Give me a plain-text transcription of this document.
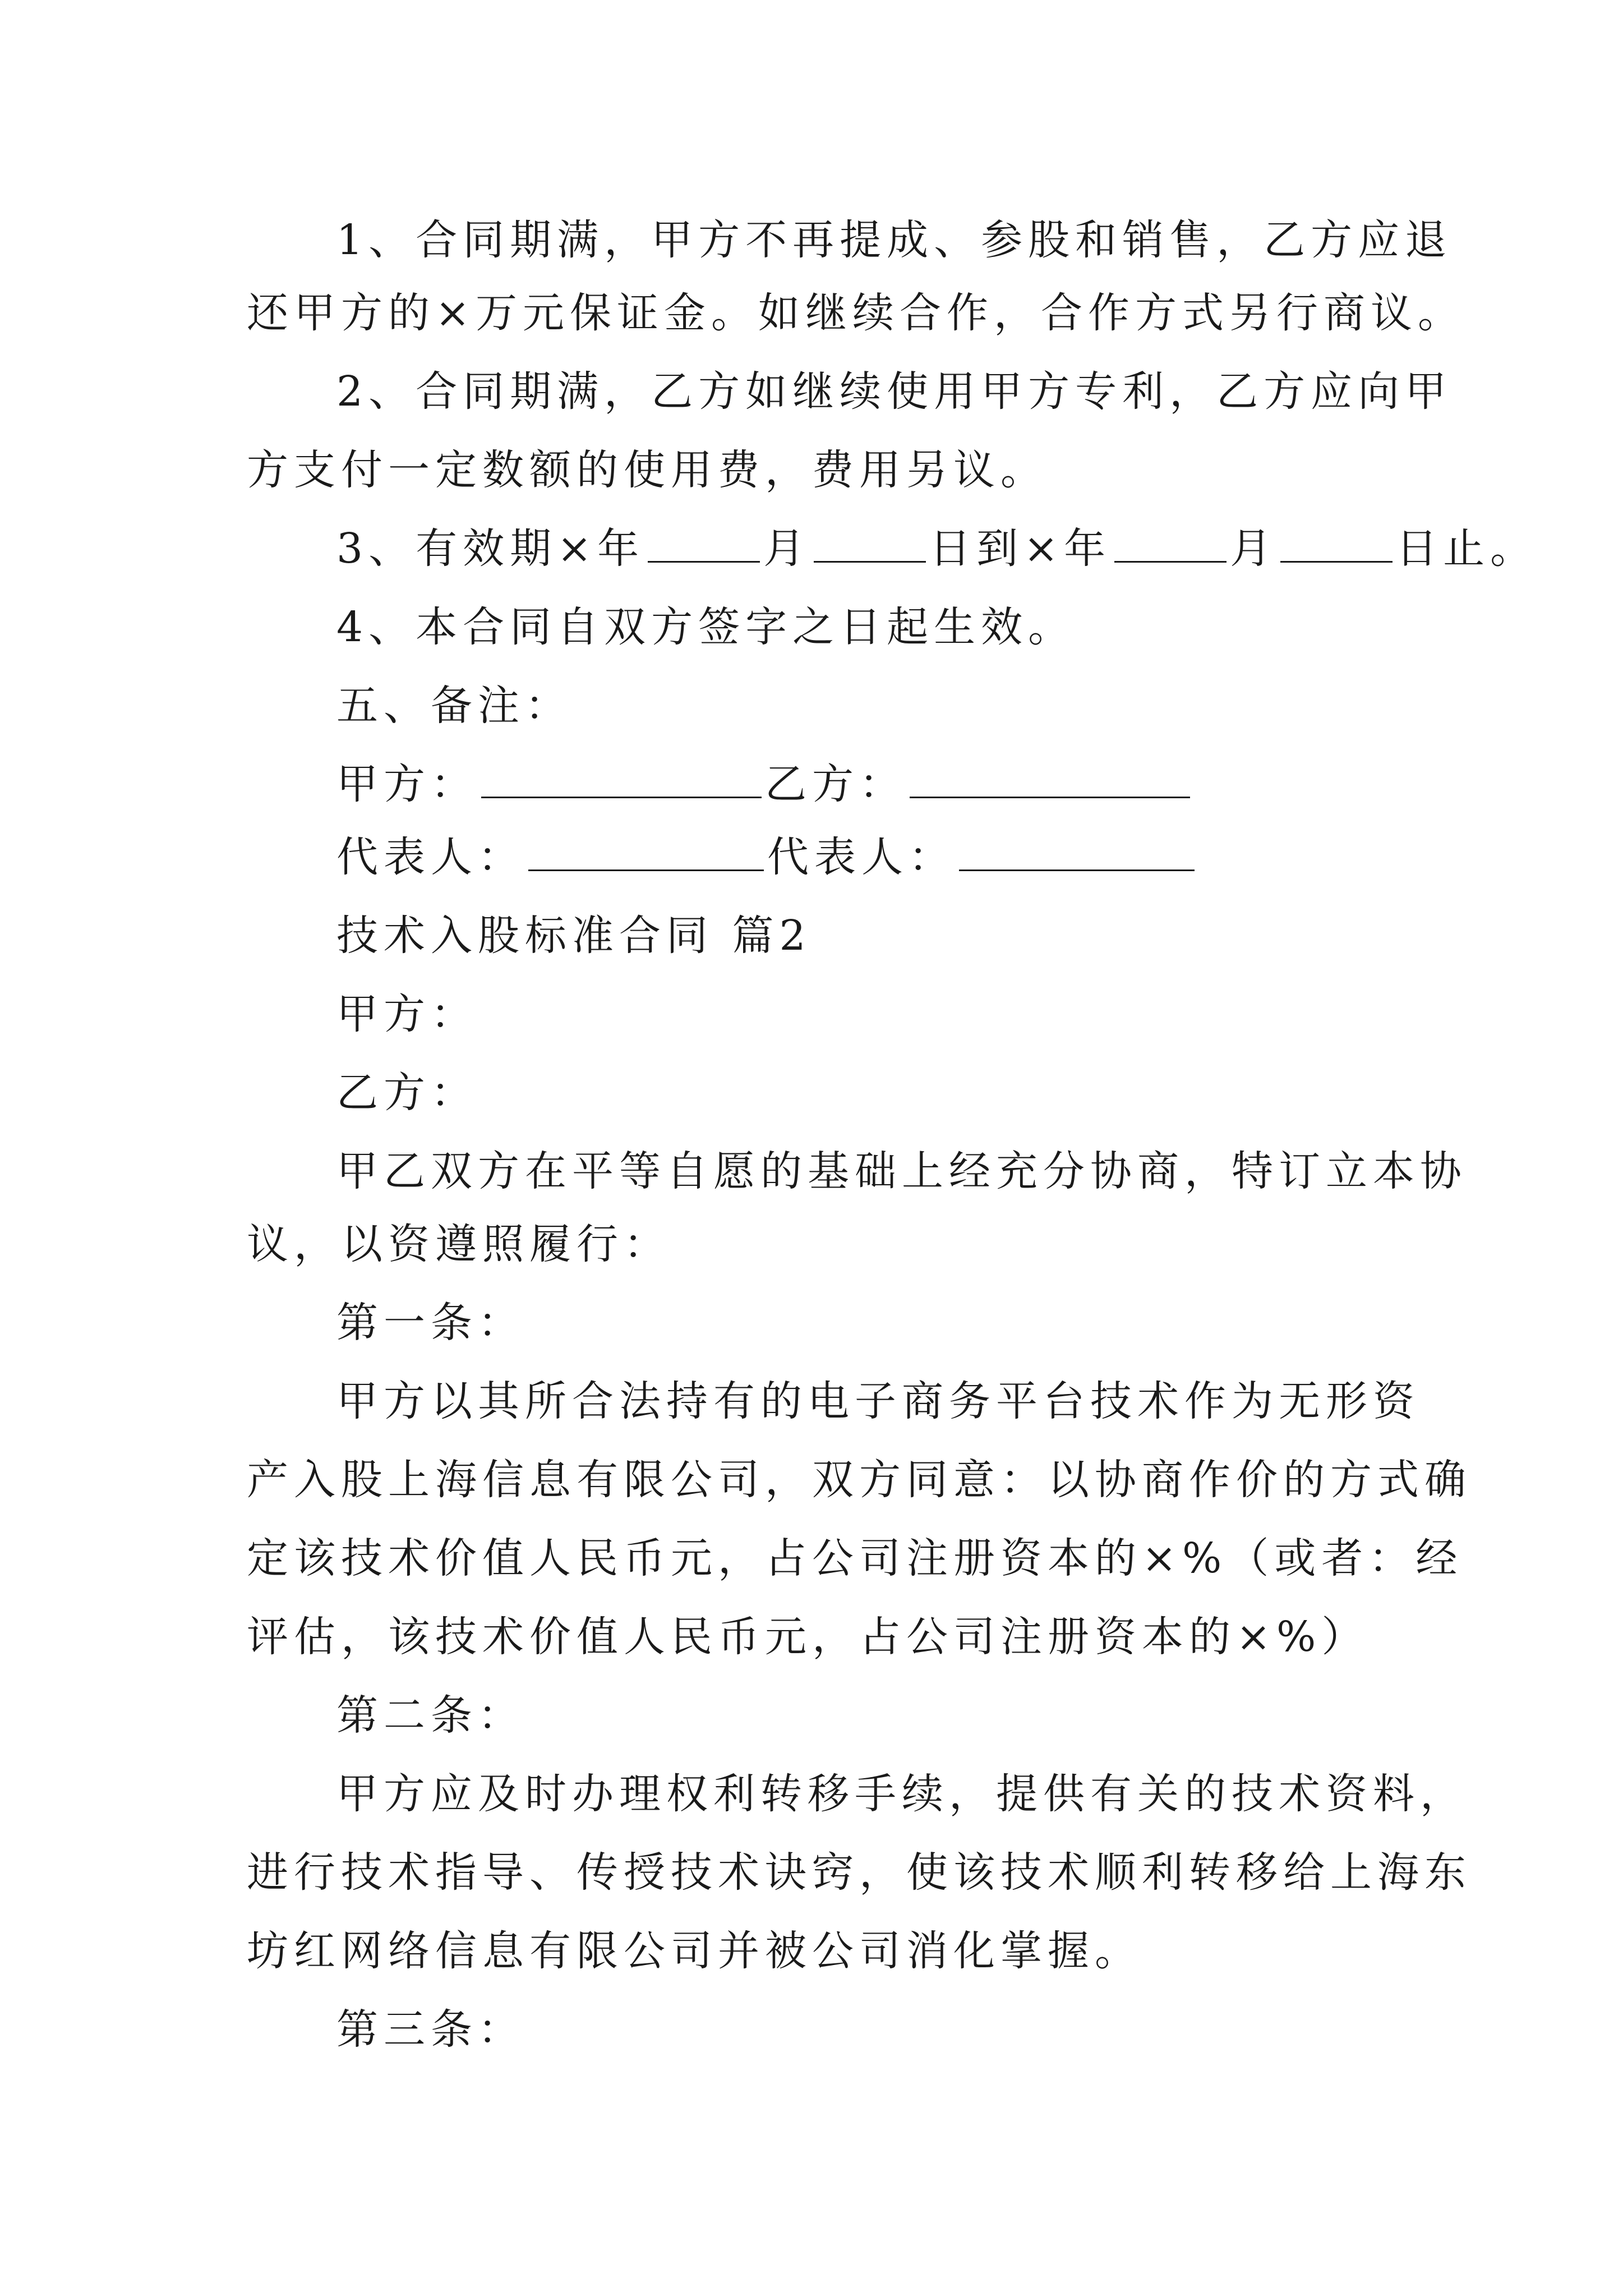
1、合同期满，甲方不再提成、参股和销售，乙方应退

还甲方的×万元保证金。如继续合作，合作方式另行商议。

2、合同期满，乙方如继续使用甲方专利，乙方应向甲

方支付一定数额的使用费，费用另议。

3、有效期×年	月	日到×年	月	日止。

4、本合同自双方签字之日起生效。

五、备注：

甲方：	乙方：

代表人：	代表人：

技术入股标准合同 篇2

甲方：

乙方：

甲乙双方在平等自愿的基础上经充分协商，特订立本协

议，以资遵照履行：

第一条：

甲方以其所合法持有的电子商务平台技术作为无形资

产入股上海信息有限公司，双方同意：以协商作价的方式确

定该技术价值人民币元，占公司注册资本的×%（或者：经

评估，该技术价值人民币元，占公司注册资本的×%）

第二条：

甲方应及时办理权利转移手续，提供有关的技术资料，

进行技术指导、传授技术诀窍，使该技术顺利转移给上海东

坊红网络信息有限公司并被公司消化掌握。

第三条：
